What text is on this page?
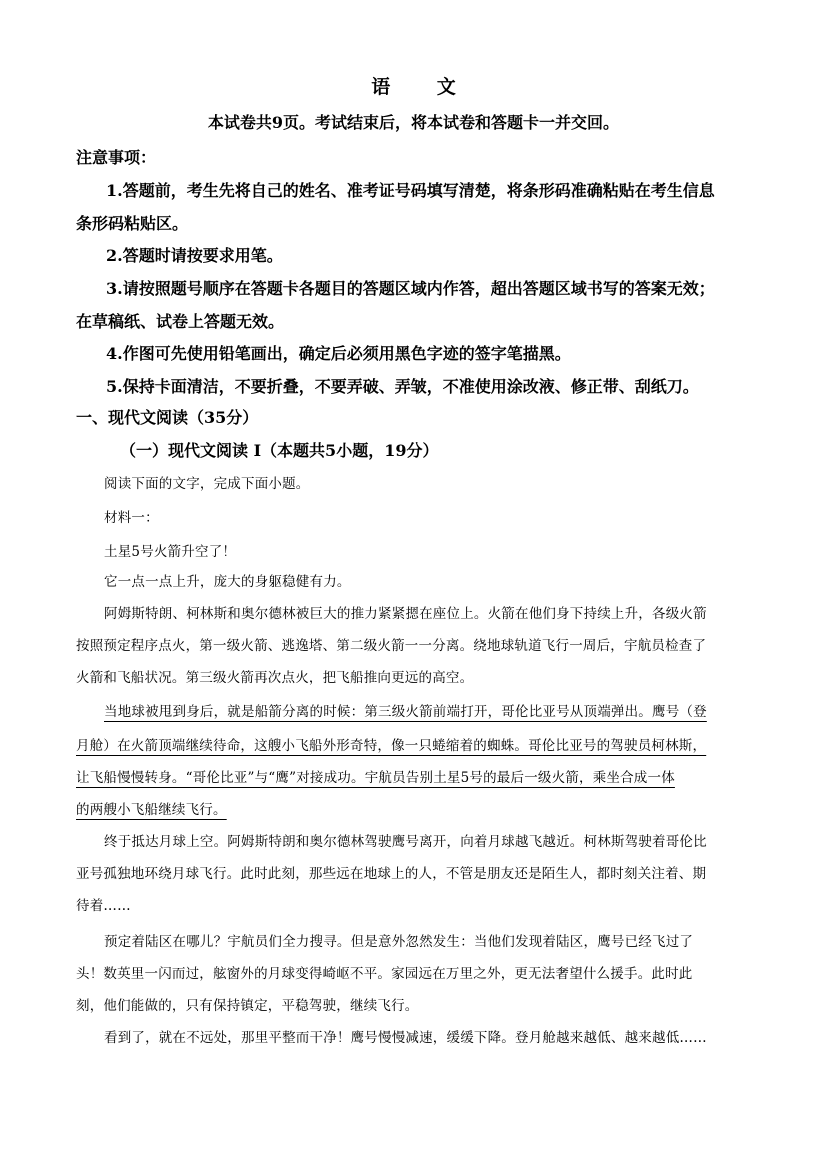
语 文
本试卷共9页。考试结束后，将本试卷和答题卡一并交回。
注意事项：
1.答题前，考生先将自己的姓名、准考证号码填写清楚，将条形码准确粘贴在考生信息
条形码粘贴区。
2.答题时请按要求用笔。
3.请按照题号顺序在答题卡各题目的答题区域内作答，超出答题区域书写的答案无效；
在草稿纸、试卷上答题无效。
4.作图可先使用铅笔画出，确定后必须用黑色字迹的签字笔描黑。
5.保持卡面清洁，不要折叠，不要弄破、弄皱，不准使用涂改液、修正带、刮纸刀。
一、现代文阅读（35分）
（一）现代文阅读 I（本题共5小题，19分）
阅读下面的文字，完成下面小题。
材料一：
土星5号火箭升空了！
它一点一点上升，庞大的身躯稳健有力。
阿姆斯特朗、柯林斯和奥尔德林被巨大的推力紧紧摁在座位上。火箭在他们身下持续上升，各级火箭
按照预定程序点火，第一级火箭、逃逸塔、第二级火箭一一分离。绕地球轨道飞行一周后，宇航员检查了
火箭和飞船状况。第三级火箭再次点火，把飞船推向更远的高空。
当地球被甩到身后，就是船箭分离的时候：第三级火箭前端打开，哥伦比亚号从顶端弹出。鹰号（登
月舱）在火箭顶端继续待命，这艘小飞船外形奇特，像一只蜷缩着的蜘蛛。哥伦比亚号的驾驶员柯林斯，
让飞船慢慢转身。“哥伦比亚”与“鹰”对接成功。宇航员告别土星5号的最后一级火箭，乘坐合成一体
的两艘小飞船继续飞行。
终于抵达月球上空。阿姆斯特朗和奥尔德林驾驶鹰号离开，向着月球越飞越近。柯林斯驾驶着哥伦比
亚号孤独地环绕月球飞行。此时此刻，那些远在地球上的人，不管是朋友还是陌生人，都时刻关注着、期
待着……
预定着陆区在哪儿？宇航员们全力搜寻。但是意外忽然发生：当他们发现着陆区，鹰号已经飞过了
头！数英里一闪而过，舷窗外的月球变得崎岖不平。家园远在万里之外，更无法奢望什么援手。此时此
刻，他们能做的，只有保持镇定，平稳驾驶，继续飞行。
看到了，就在不远处，那里平整而干净！鹰号慢慢减速，缓缓下降。登月舱越来越低、越来越低……
